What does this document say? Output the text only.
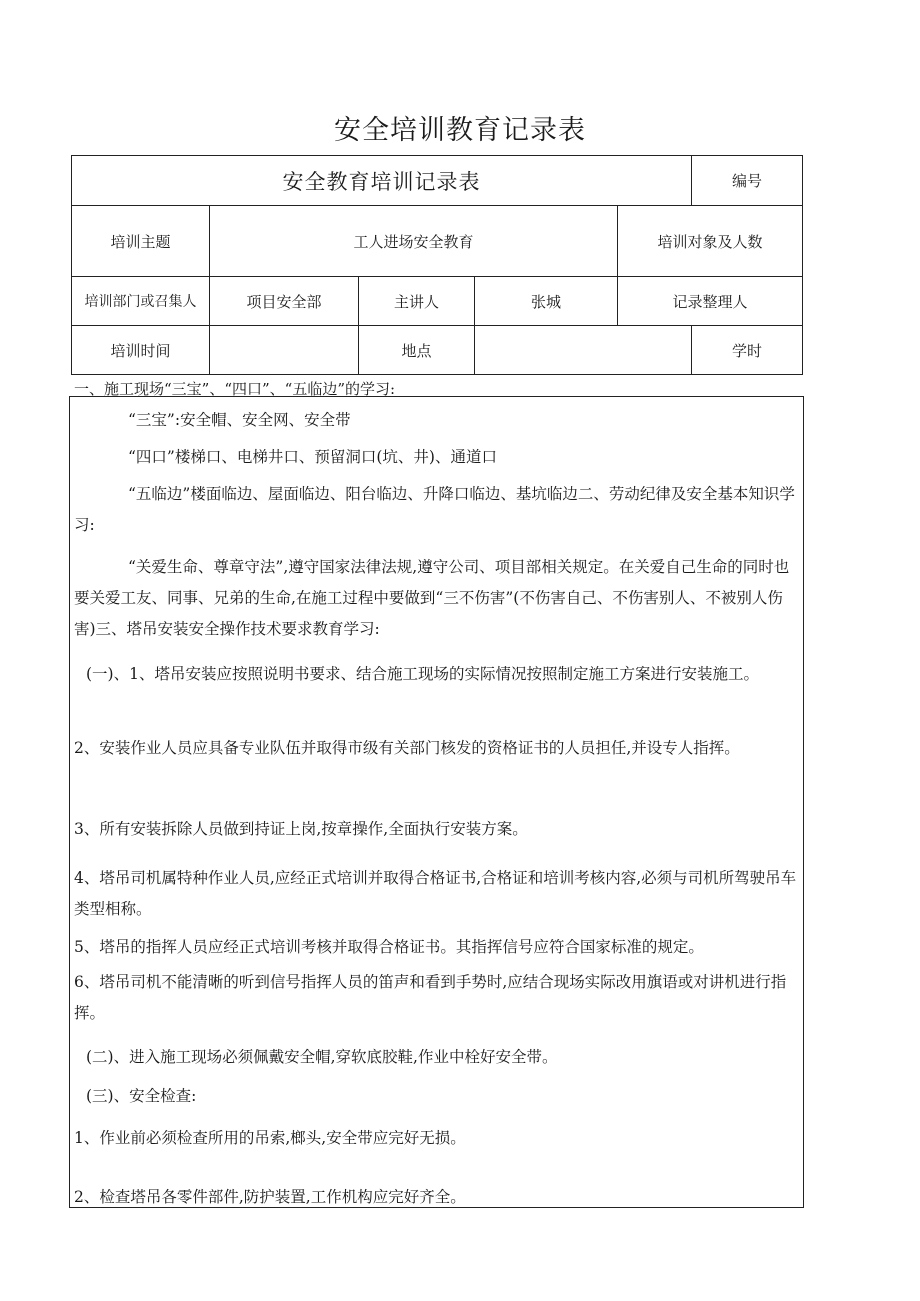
安全培训教育记录表
安全教育培训记录表					编号	
培训主题	工人进场安全教育			培训对象及人数	
培训部门或召集人	项目安全部	主讲人	张城	记录整理人		
培训时间		地点			学时	
一、施工现场“三宝”、“四口”、“五临边”的学习:
“三宝”:安全帽、安全网、安全带
“四口”楼梯口、电梯井口、预留洞口(坑、井)、通道口
“五临边”楼面临边、屋面临边、阳台临边、升降口临边、基坑临边二、劳动纪律及安全基本知识学习:
“关爱生命、尊章守法”,遵守国家法律法规,遵守公司、项目部相关规定。在关爱自己生命的同时也要关爱工友、同事、兄弟的生命,在施工过程中要做到“三不伤害”(不伤害自己、不伤害别人、不被别人伤害)三、塔吊安装安全操作技术要求教育学习:
(一)、1、塔吊安装应按照说明书要求、结合施工现场的实际情况按照制定施工方案进行安装施工。
2、安装作业人员应具备专业队伍并取得市级有关部门核发的资格证书的人员担任,并设专人指挥。
3、所有安装拆除人员做到持证上岗,按章操作,全面执行安装方案。
4、塔吊司机属特种作业人员,应经正式培训并取得合格证书,合格证和培训考核内容,必须与司机所驾驶吊车类型相称。
5、塔吊的指挥人员应经正式培训考核并取得合格证书。其指挥信号应符合国家标准的规定。
6、塔吊司机不能清晰的听到信号指挥人员的笛声和看到手势时,应结合现场实际改用旗语或对讲机进行指挥。
(二)、进入施工现场必须佩戴安全帽,穿软底胶鞋,作业中栓好安全带。
(三)、安全检查:
1、作业前必须检查所用的吊索,榔头,安全带应完好无损。
2、检查塔吊各零件部件,防护装置,工作机构应完好齐全。
